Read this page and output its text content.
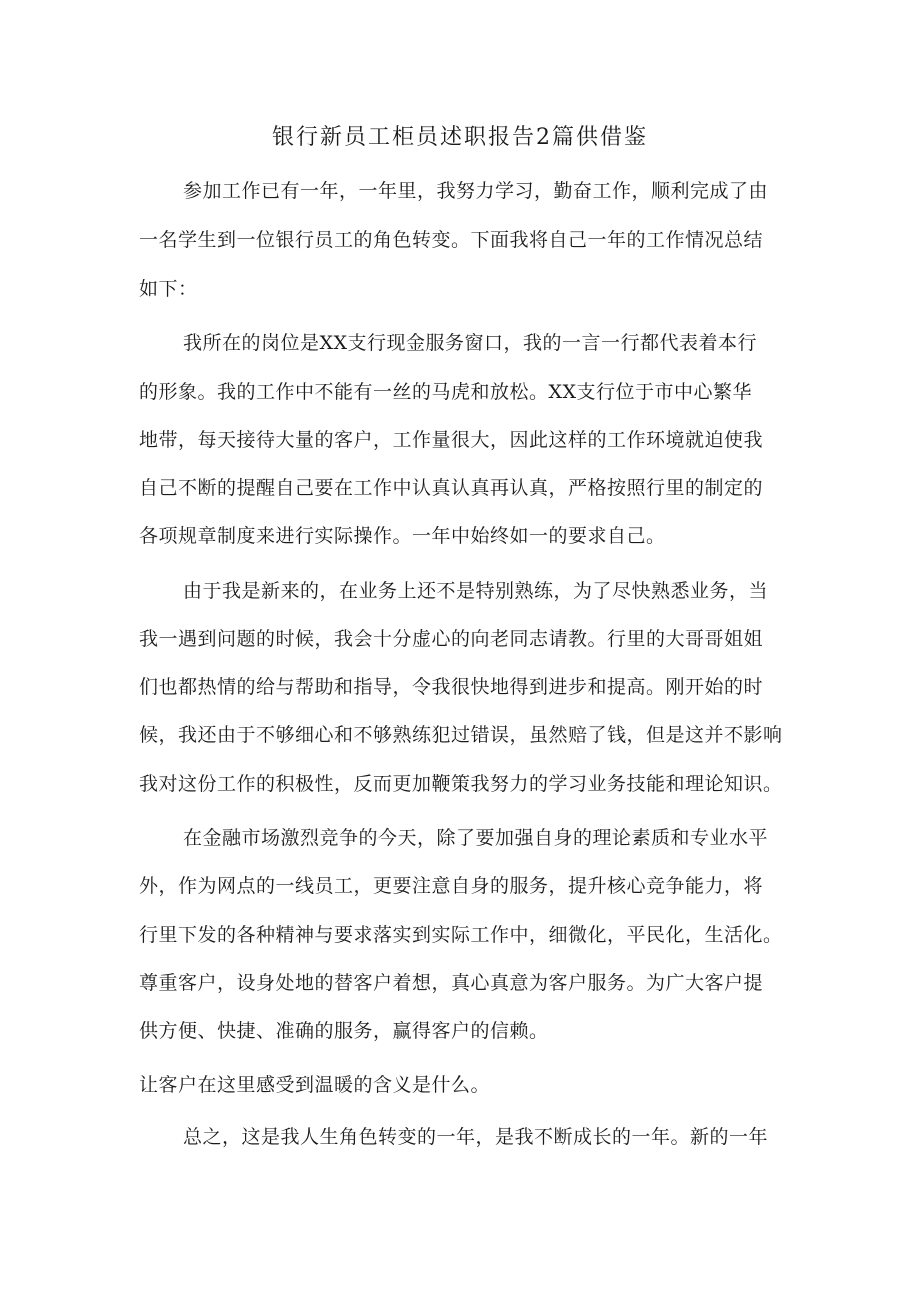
银行新员工柜员述职报告2篇供借鉴
参加工作已有一年，一年里，我努力学习，勤奋工作，顺利完成了由
一名学生到一位银行员工的角色转变。下面我将自己一年的工作情况总结
如下：
我所在的岗位是XX支行现金服务窗口，我的一言一行都代表着本行
的形象。我的工作中不能有一丝的马虎和放松。XX支行位于市中心繁华
地带，每天接待大量的客户，工作量很大，因此这样的工作环境就迫使我
自己不断的提醒自己要在工作中认真认真再认真，严格按照行里的制定的
各项规章制度来进行实际操作。一年中始终如一的要求自己。
由于我是新来的，在业务上还不是特别熟练，为了尽快熟悉业务，当
我一遇到问题的时候，我会十分虚心的向老同志请教。行里的大哥哥姐姐
们也都热情的给与帮助和指导，令我很快地得到进步和提高。刚开始的时
候，我还由于不够细心和不够熟练犯过错误，虽然赔了钱，但是这并不影响
我对这份工作的积极性，反而更加鞭策我努力的学习业务技能和理论知识。
在金融市场激烈竞争的今天，除了要加强自身的理论素质和专业水平
外，作为网点的一线员工，更要注意自身的服务，提升核心竞争能力，将
行里下发的各种精神与要求落实到实际工作中，细微化，平民化，生活化。
尊重客户，设身处地的替客户着想，真心真意为客户服务。为广大客户提
供方便、快捷、准确的服务，赢得客户的信赖。
让客户在这里感受到温暖的含义是什么。
总之，这是我人生角色转变的一年，是我不断成长的一年。新的一年
